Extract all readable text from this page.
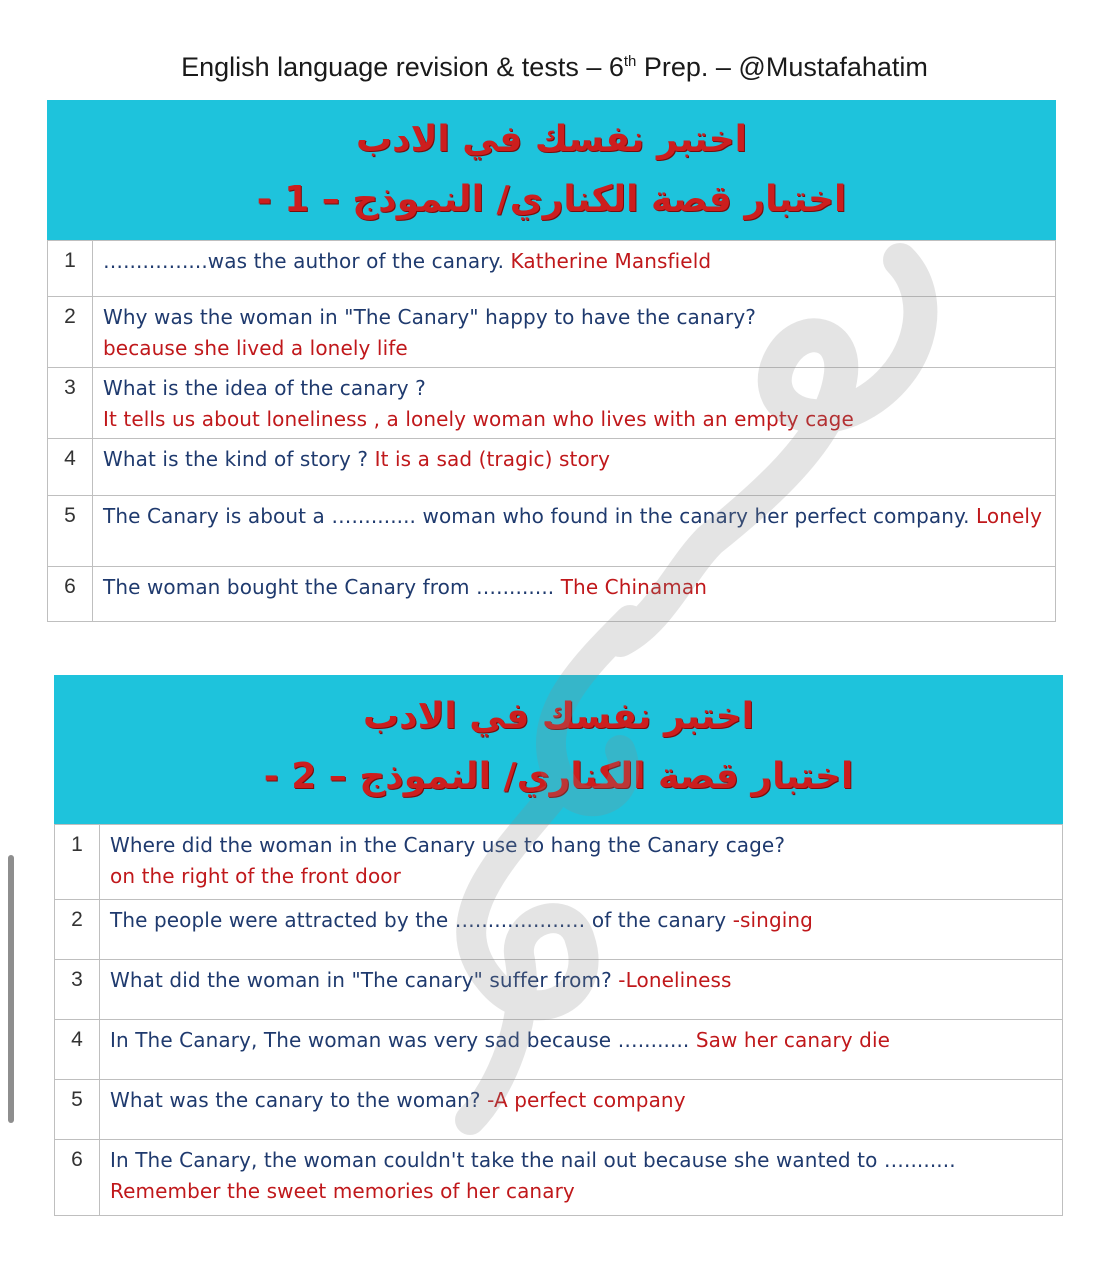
English language revision & tests – 6th Prep. – @Mustafahatim
اختبر نفسك في الادب
اختبار قصة الكناري/ النموذج – 1 -
1	…......…....was the author of the canary. Katherine Mansfield
2	Why was the woman in "The Canary" happy to have the canary?
because she lived a lonely life
3	What is the idea of the canary ?
It tells us about loneliness , a lonely woman who lives with an empty cage
4	What is the kind of story ? It is a sad (tragic) story
5	The Canary is about a ….......... woman who found in the canary her perfect company. Lonely
6	The woman bought the Canary from …......... The Chinaman
اختبر نفسك في الادب
اختبار قصة الكناري/ النموذج – 2 -
1	Where did the woman in the Canary use to hang the Canary cage?
on the right of the front door
2	The people were attracted by the …..............… of the canary -singing
3	What did the woman in "The canary" suffer from? -Loneliness
4	In The Canary, The woman was very sad because …........ Saw her canary die
5	What was the canary to the woman? -A perfect company
6	In The Canary, the woman couldn't take the nail out because she wanted to …........
Remember the sweet memories of her canary
